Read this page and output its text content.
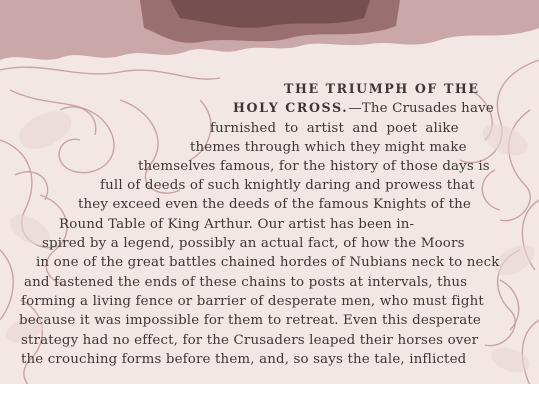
THE TRIUMPH OF THE
HOLY CROSS.—The Crusades have
furnished to artist and poet alike
themes through which they might make
themselves famous, for the history of those days is
full of deeds of such knightly daring and prowess that
they exceed even the deeds of the famous Knights of the
Round Table of King Arthur. Our artist has been in-
spired by a legend, possibly an actual fact, of how the Moors
in one of the great battles chained hordes of Nubians neck to neck
and fastened the ends of these chains to posts at intervals, thus
forming a living fence or barrier of desperate men, who must fight
because it was impossible for them to retreat. Even this desperate
strategy had no effect, for the Crusaders leaped their horses over
the crouching forms before them, and, so says the tale, inflicted
